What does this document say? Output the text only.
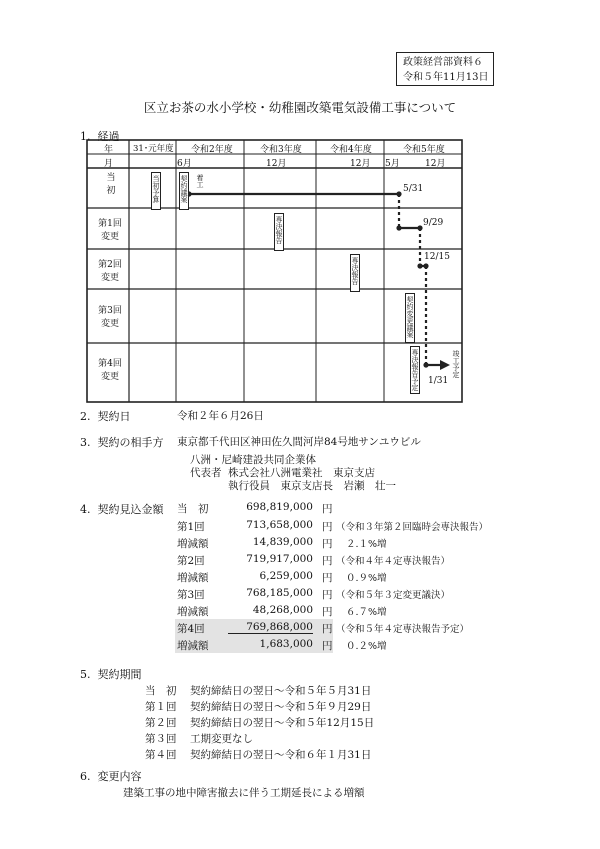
政策経営部資料６
令和５年11月13日
区立お茶の水小学校・幼稚園改築電気設備工事について
1. 経過
年
月
31･元年度 令和2年度	令和3年度	令和4年度	令和5年度
6月	12月	12月 5月	12月
当
初
第1回
変更
第2回
変更
第3回
変更
第4回
変更
当初予算	契約議案
専決報告
専決報告
契約変更議案
専決報告予定
着工
5/31
9/29
12/15
1/31
竣工予定
2. 契約日	令和２年６月26日
3. 契約の相手方 東京都千代田区神田佐久間河岸84号地サンユウビル
八洲・尼崎建設共同企業体
代表者 株式会社八洲電業社　東京支店
執行役員　東京支店長　岩瀬　壮一
4. 契約見込金額 当　初	698,819,000 円
第1回	713,658,000 円 （令和３年第２回臨時会専決報告）
増減額	14,839,000 円 ２.１%増
第2回	719,917,000 円 （令和４年４定専決報告）
増減額	6,259,000 円 ０.９%増
第3回	768,185,000 円 （令和５年３定変更議決）
増減額	48,268,000 円 ６.７%増
第4回	769,868,000 円 （令和５年４定専決報告予定）
増減額	1,683,000 円 ０.２%増
5. 契約期間
当　初 契約締結日の翌日～令和５年５月31日
第１回 契約締結日の翌日～令和５年９月29日
第２回 契約締結日の翌日～令和５年12月15日
第３回 工期変更なし
第４回 契約締結日の翌日～令和６年１月31日
6. 変更内容
建築工事の地中障害撤去に伴う工期延長による増額
